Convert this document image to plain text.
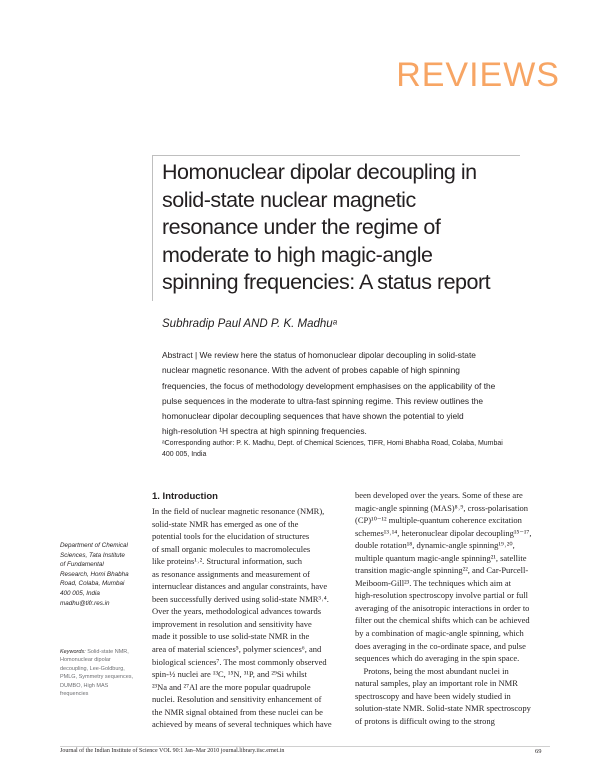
REVIEWS
Homonuclear dipolar decoupling in
solid-state nuclear magnetic
resonance under the regime of
moderate to high magic-angle
spinning frequencies: A status report
Subhradip Paul AND P. K. Madhuᵃ
Abstract | We review here the status of homonuclear dipolar decoupling in solid-state
nuclear magnetic resonance. With the advent of probes capable of high spinning
frequencies, the focus of methodology development emphasises on the applicability of the
pulse sequences in the moderate to ultra-fast spinning regime. This review outlines the
homonuclear dipolar decoupling sequences that have shown the potential to yield
high-resolution ¹H spectra at high spinning frequencies.
ᵃCorresponding author: P. K. Madhu, Dept. of Chemical Sciences, TIFR, Homi Bhabha Road, Colaba, Mumbai
400 005, India
Department of Chemical
Sciences, Tata Institute
of Fundamental
Research, Homi Bhabha
Road, Colaba, Mumbai
400 005, India
madhu@tifr.res.in
Keywords: Solid-state NMR,
Homonuclear dipolar
decoupling, Lee-Goldburg,
PMLG, Symmetry sequences,
DUMBO, High MAS
frequencies
1. Introduction
In the field of nuclear magnetic resonance (NMR),
solid-state NMR has emerged as one of the
potential tools for the elucidation of structures
of small organic molecules to macromolecules
like proteins¹˒². Structural information, such
as resonance assignments and measurement of
internuclear distances and angular constraints, have
been successfully derived using solid-state NMR³˒⁴.
Over the years, methodological advances towards
improvement in resolution and sensitivity have
made it possible to use solid-state NMR in the
area of material sciences⁵, polymer sciences⁶, and
biological sciences⁷. The most commonly observed
spin-½ nuclei are ¹³C, ¹⁵N, ³¹P, and ²⁹Si whilst
²³Na and ²⁷Al are the more popular quadrupole
nuclei. Resolution and sensitivity enhancement of
the NMR signal obtained from these nuclei can be
achieved by means of several techniques which have
been developed over the years. Some of these are
magic-angle spinning (MAS)⁸˒⁹, cross-polarisation
(CP)¹⁰⁻¹² multiple-quantum coherence excitation
schemes¹³˒¹⁴, heteronuclear dipolar decoupling¹⁵⁻¹⁷,
double rotation¹⁸, dynamic-angle spinning¹⁹˒²⁰,
multiple quantum magic-angle spinning²¹, satellite
transition magic-angle spinning²², and Car-Purcell-
Meiboom-Gill²³. The techniques which aim at
high-resolution spectroscopy involve partial or full
averaging of the anisotropic interactions in order to
filter out the chemical shifts which can be achieved
by a combination of magic-angle spinning, which
does averaging in the co-ordinate space, and pulse
sequences which do averaging in the spin space.
 Protons, being the most abundant nuclei in
natural samples, play an important role in NMR
spectroscopy and have been widely studied in
solution-state NMR. Solid-state NMR spectroscopy
of protons is difficult owing to the strong
Journal of the Indian Institute of Science VOL 90:1 Jan–Mar 2010 journal.library.iisc.ernet.in	69
